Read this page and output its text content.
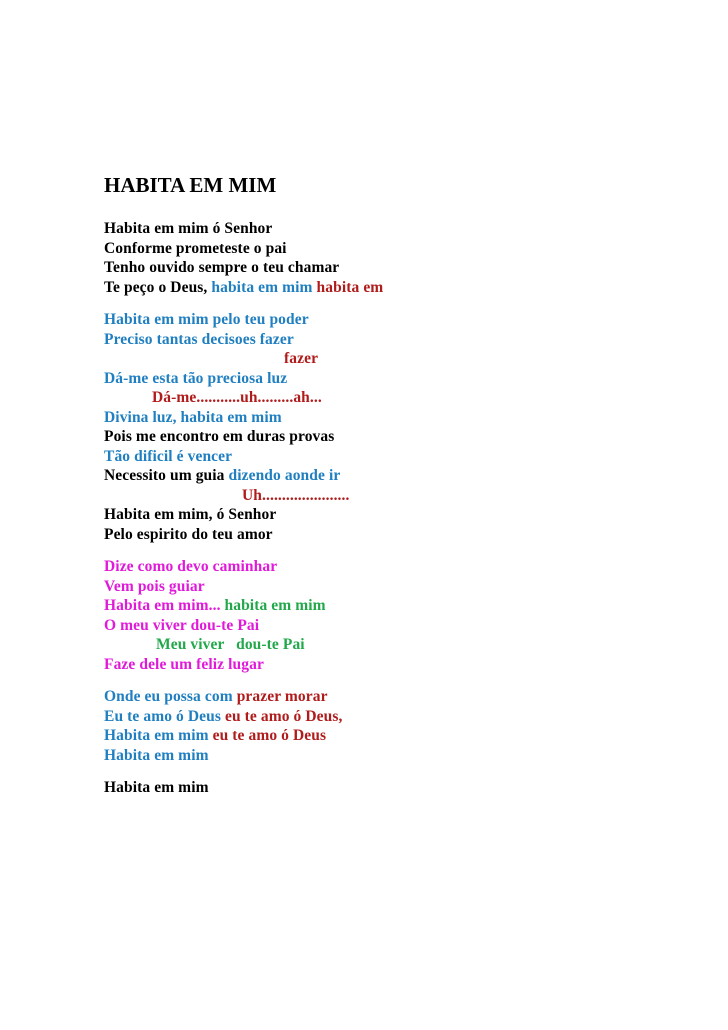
HABITA EM MIM
Habita em mim ó Senhor
Conforme prometeste o pai
Tenho ouvido sempre o teu chamar
Te peço o Deus, habita em mim habita em
Habita em mim pelo teu poder
Preciso tantas decisoes fazer
fazer
Dá-me esta tão preciosa luz
Dá-me...........uh.........ah...
Divina luz, habita em mim
Pois me encontro em duras provas
Tão dificil é vencer
Necessito um guia dizendo aonde ir
Uh......................
Habita em mim, ó Senhor
Pelo espirito do teu amor
Dize como devo caminhar
Vem pois guiar
Habita em mim... habita em mim
O meu viver dou-te Pai
Meu viver   dou-te Pai
Faze dele um feliz lugar
Onde eu possa com prazer morar
Eu te amo ó Deus eu te amo ó Deus,
Habita em mim eu te amo ó Deus
Habita em mim
Habita em mim
